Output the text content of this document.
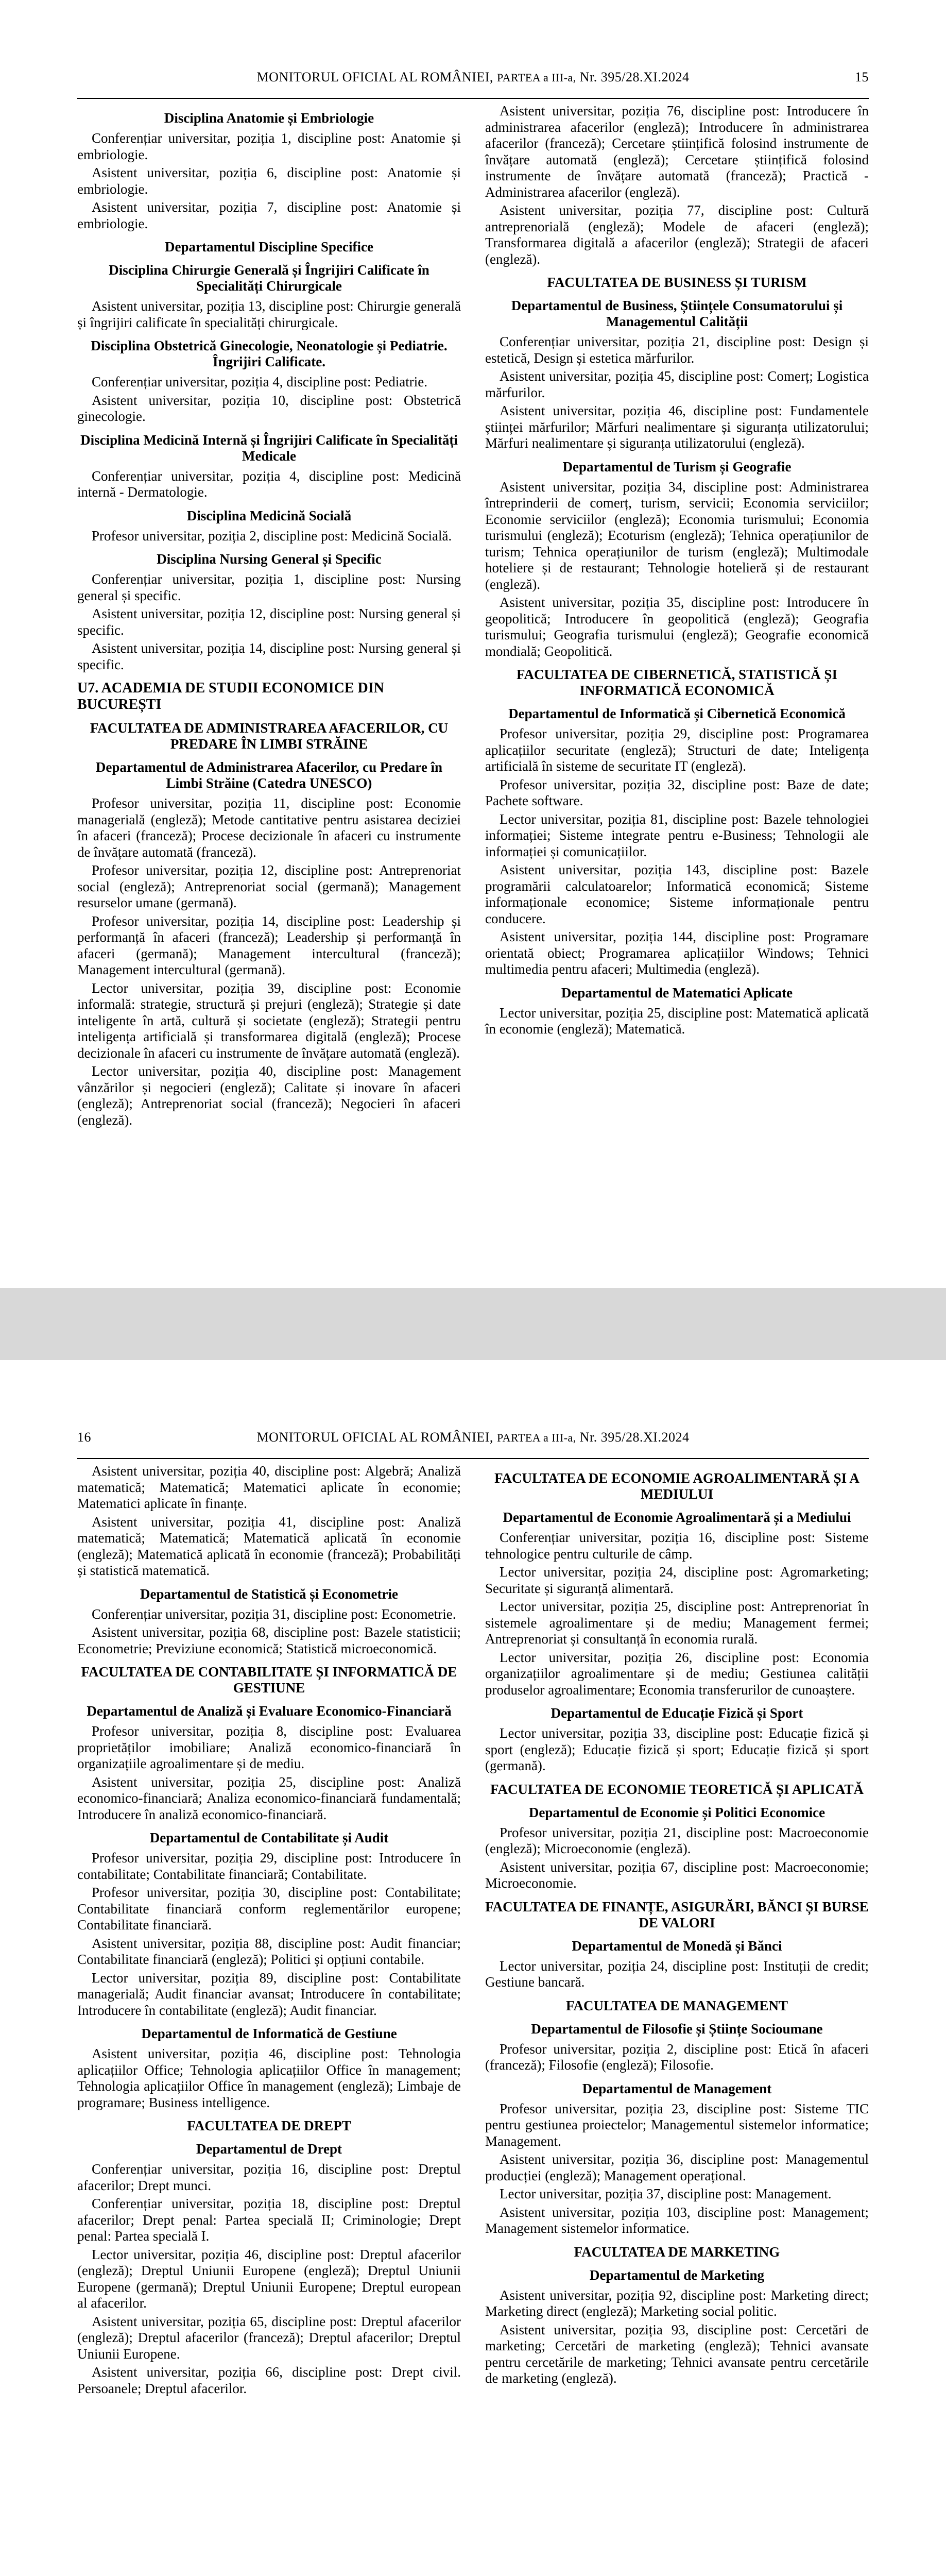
MONITORUL OFICIAL AL ROMÂNIEI, PARTEA a III-a, Nr. 395/28.XI.2024	15
Disciplina Anatomie și Embriologie
Conferențiar universitar, poziția 1, discipline post: Anatomie și embriologie.
Asistent universitar, poziția 6, discipline post: Anatomie și embriologie.
Asistent universitar, poziția 7, discipline post: Anatomie și embriologie.
Departamentul Discipline Specifice
Disciplina Chirurgie Generală și Îngrijiri Calificate în Specialități Chirurgicale
Asistent universitar, poziția 13, discipline post: Chirurgie generală și îngrijiri calificate în specialități chirurgicale.
Disciplina Obstetrică Ginecologie, Neonatologie și Pediatrie. Îngrijiri Calificate.
Conferențiar universitar, poziția 4, discipline post: Pediatrie.
Asistent universitar, poziția 10, discipline post: Obstetrică ginecologie.
Disciplina Medicină Internă și Îngrijiri Calificate în Specialități Medicale
Conferențiar universitar, poziția 4, discipline post: Medicină internă - Dermatologie.
Disciplina Medicină Socială
Profesor universitar, poziția 2, discipline post: Medicină Socială.
Disciplina Nursing General și Specific
Conferențiar universitar, poziția 1, discipline post: Nursing general și specific.
Asistent universitar, poziția 12, discipline post: Nursing general și specific.
Asistent universitar, poziția 14, discipline post: Nursing general și specific.
U7. ACADEMIA DE STUDII ECONOMICE DIN BUCUREȘTI
FACULTATEA DE ADMINISTRAREA AFACERILOR, CU PREDARE ÎN LIMBI STRĂINE
Departamentul de Administrarea Afacerilor, cu Predare în Limbi Străine (Catedra UNESCO)
Profesor universitar, poziția 11, discipline post: Economie managerială (engleză); Metode cantitative pentru asistarea deciziei în afaceri (franceză); Procese decizionale în afaceri cu instrumente de învățare automată (franceză).
Profesor universitar, poziția 12, discipline post: Antreprenoriat social (engleză); Antreprenoriat social (germană); Management resurselor umane (germană).
Profesor universitar, poziția 14, discipline post: Leadership și performanță în afaceri (franceză); Leadership și performanță în afaceri (germană); Management intercultural (franceză); Management intercultural (germană).
Lector universitar, poziția 39, discipline post: Economie informală: strategie, structură și prejuri (engleză); Strategie și date inteligente în artă, cultură și societate (engleză); Strategii pentru inteligența artificială și transformarea digitală (engleză); Procese decizionale în afaceri cu instrumente de învățare automată (engleză).
Lector universitar, poziția 40, discipline post: Management vânzărilor și negocieri (engleză); Calitate și inovare în afaceri (engleză); Antreprenoriat social (franceză); Negocieri în afaceri (engleză).
Asistent universitar, poziția 76, discipline post: Introducere în administrarea afacerilor (engleză); Introducere în administrarea afacerilor (franceză); Cercetare științifică folosind instrumente de învățare automată (engleză); Cercetare științifică folosind instrumente de învățare automată (franceză); Practică - Administrarea afacerilor (engleză).
Asistent universitar, poziția 77, discipline post: Cultură antreprenorială (engleză); Modele de afaceri (engleză); Transformarea digitală a afacerilor (engleză); Strategii de afaceri (engleză).
FACULTATEA DE BUSINESS ȘI TURISM
Departamentul de Business, Științele Consumatorului și Managementul Calității
Conferențiar universitar, poziția 21, discipline post: Design și estetică, Design și estetica mărfurilor.
Asistent universitar, poziția 45, discipline post: Comerț; Logistica mărfurilor.
Asistent universitar, poziția 46, discipline post: Fundamentele științei mărfurilor; Mărfuri nealimentare și siguranța utilizatorului; Mărfuri nealimentare și siguranța utilizatorului (engleză).
Departamentul de Turism și Geografie
Asistent universitar, poziția 34, discipline post: Administrarea întreprinderii de comerț, turism, servicii; Economia serviciilor; Economie serviciilor (engleză); Economia turismului; Economia turismului (engleză); Ecoturism (engleză); Tehnica operațiunilor de turism; Tehnica operațiunilor de turism (engleză); Multimodale hoteliere și de restaurant; Tehnologie hotelieră și de restaurant (engleză).
Asistent universitar, poziția 35, discipline post: Introducere în geopolitică; Introducere în geopolitică (engleză); Geografia turismului; Geografia turismului (engleză); Geografie economică mondială; Geopolitică.
FACULTATEA DE CIBERNETICĂ, STATISTICĂ ȘI INFORMATICĂ ECONOMICĂ
Departamentul de Informatică și Cibernetică Economică
Profesor universitar, poziția 29, discipline post: Programarea aplicațiilor securitate (engleză); Structuri de date; Inteligența artificială în sisteme de securitate IT (engleză).
Profesor universitar, poziția 32, discipline post: Baze de date; Pachete software.
Lector universitar, poziția 81, discipline post: Bazele tehnologiei informației; Sisteme integrate pentru e-Business; Tehnologii ale informației și comunicațiilor.
Asistent universitar, poziția 143, discipline post: Bazele programării calculatoarelor; Informatică economică; Sisteme informaționale economice; Sisteme informaționale pentru conducere.
Asistent universitar, poziția 144, discipline post: Programare orientată obiect; Programarea aplicațiilor Windows; Tehnici multimedia pentru afaceri; Multimedia (engleză).
Departamentul de Matematici Aplicate
Lector universitar, poziția 25, discipline post: Matematică aplicată în economie (engleză); Matematică.
16	MONITORUL OFICIAL AL ROMÂNIEI, PARTEA a III-a, Nr. 395/28.XI.2024
Asistent universitar, poziția 40, discipline post: Algebră; Analiză matematică; Matematică; Matematici aplicate în economie; Matematici aplicate în finanțe.
Asistent universitar, poziția 41, discipline post: Analiză matematică; Matematică; Matematică aplicată în economie (engleză); Matematică aplicată în economie (franceză); Probabilități și statistică matematică.
Departamentul de Statistică și Econometrie
Conferențiar universitar, poziția 31, discipline post: Econometrie.
Asistent universitar, poziția 68, discipline post: Bazele statisticii; Econometrie; Previziune economică; Statistică microeconomică.
FACULTATEA DE CONTABILITATE ȘI INFORMATICĂ DE GESTIUNE
Departamentul de Analiză și Evaluare Economico-Financiară
Profesor universitar, poziția 8, discipline post: Evaluarea proprietăților imobiliare; Analiză economico-financiară în organizațiile agroalimentare și de mediu.
Asistent universitar, poziția 25, discipline post: Analiză economico-financiară; Analiza economico-financiară fundamentală; Introducere în analiză economico-financiară.
Departamentul de Contabilitate și Audit
Profesor universitar, poziția 29, discipline post: Introducere în contabilitate; Contabilitate financiară; Contabilitate.
Profesor universitar, poziția 30, discipline post: Contabilitate; Contabilitate financiară conform reglementărilor europene; Contabilitate financiară.
Asistent universitar, poziția 88, discipline post: Audit financiar; Contabilitate financiară (engleză); Politici și opțiuni contabile.
Lector universitar, poziția 89, discipline post: Contabilitate managerială; Audit financiar avansat; Introducere în contabilitate; Introducere în contabilitate (engleză); Audit financiar.
Departamentul de Informatică de Gestiune
Asistent universitar, poziția 46, discipline post: Tehnologia aplicațiilor Office; Tehnologia aplicațiilor Office în management; Tehnologia aplicațiilor Office în management (engleză); Limbaje de programare; Business intelligence.
FACULTATEA DE DREPT
Departamentul de Drept
Conferențiar universitar, poziția 16, discipline post: Dreptul afacerilor; Drept munci.
Conferențiar universitar, poziția 18, discipline post: Dreptul afacerilor; Drept penal: Partea specială II; Criminologie; Drept penal: Partea specială I.
Lector universitar, poziția 46, discipline post: Dreptul afacerilor (engleză); Dreptul Uniunii Europene (engleză); Dreptul Uniunii Europene (germană); Dreptul Uniunii Europene; Dreptul european al afacerilor.
Asistent universitar, poziția 65, discipline post: Dreptul afacerilor (engleză); Dreptul afacerilor (franceză); Dreptul afacerilor; Dreptul Uniunii Europene.
Asistent universitar, poziția 66, discipline post: Drept civil. Persoanele; Dreptul afacerilor.
FACULTATEA DE ECONOMIE AGROALIMENTARĂ ȘI A MEDIULUI
Departamentul de Economie Agroalimentară și a Mediului
Conferențiar universitar, poziția 16, discipline post: Sisteme tehnologice pentru culturile de câmp.
Lector universitar, poziția 24, discipline post: Agromarketing; Securitate și siguranță alimentară.
Lector universitar, poziția 25, discipline post: Antreprenoriat în sistemele agroalimentare și de mediu; Management fermei; Antreprenoriat și consultanță în economia rurală.
Lector universitar, poziția 26, discipline post: Economia organizațiilor agroalimentare și de mediu; Gestiunea calității produselor agroalimentare; Economia transferurilor de cunoaștere.
Departamentul de Educație Fizică și Sport
Lector universitar, poziția 33, discipline post: Educație fizică și sport (engleză); Educație fizică și sport; Educație fizică și sport (germană).
FACULTATEA DE ECONOMIE TEORETICĂ ȘI APLICATĂ
Departamentul de Economie și Politici Economice
Profesor universitar, poziția 21, discipline post: Macroeconomie (engleză); Microeconomie (engleză).
Asistent universitar, poziția 67, discipline post: Macroeconomie; Microeconomie.
FACULTATEA DE FINANȚE, ASIGURĂRI, BĂNCI ȘI BURSE DE VALORI
Departamentul de Monedă și Bănci
Lector universitar, poziția 24, discipline post: Instituții de credit; Gestiune bancară.
FACULTATEA DE MANAGEMENT
Departamentul de Filosofie și Științe Socioumane
Profesor universitar, poziția 2, discipline post: Etică în afaceri (franceză); Filosofie (engleză); Filosofie.
Departamentul de Management
Profesor universitar, poziția 23, discipline post: Sisteme TIC pentru gestiunea proiectelor; Managementul sistemelor informatice; Management.
Asistent universitar, poziția 36, discipline post: Managementul producției (engleză); Management operațional.
Lector universitar, poziția 37, discipline post: Management.
Asistent universitar, poziția 103, discipline post: Management; Management sistemelor informatice.
FACULTATEA DE MARKETING
Departamentul de Marketing
Asistent universitar, poziția 92, discipline post: Marketing direct; Marketing direct (engleză); Marketing social politic.
Asistent universitar, poziția 93, discipline post: Cercetări de marketing; Cercetări de marketing (engleză); Tehnici avansate pentru cercetările de marketing; Tehnici avansate pentru cercetările de marketing (engleză).
